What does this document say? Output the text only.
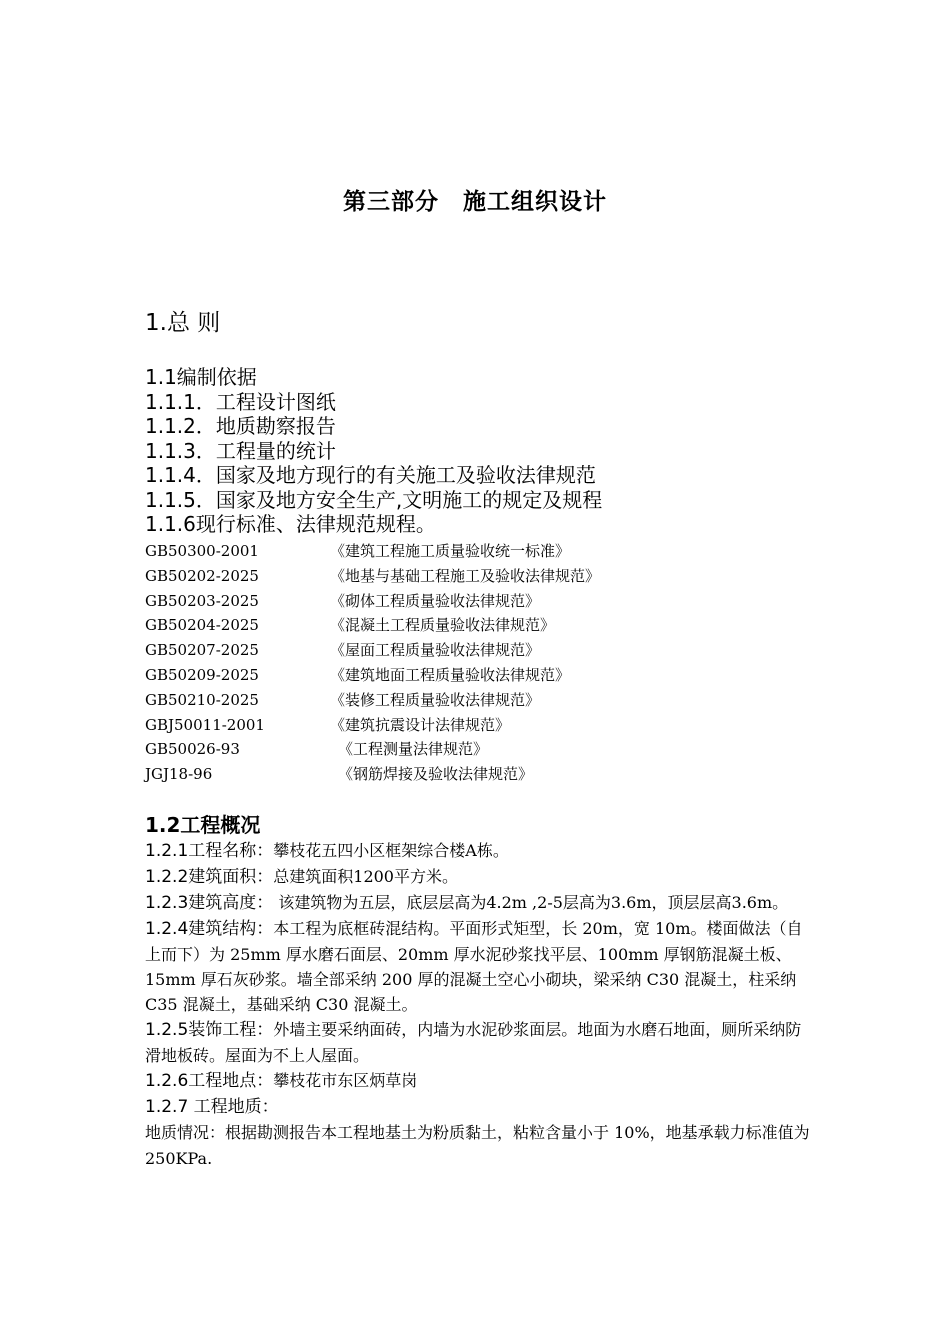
第三部分　施工组织设计
1.总 则
1.1编制依据
1.1.1．工程设计图纸
1.1.2．地质勘察报告
1.1.3．工程量的统计
1.1.4．国家及地方现行的有关施工及验收法律规范
1.1.5．国家及地方安全生产,文明施工的规定及规程
1.1.6现行标准、法律规范规程。
GB50300-2001	《建筑工程施工质量验收统一标准》
GB50202-2025	《地基与基础工程施工及验收法律规范》
GB50203-2025	《砌体工程质量验收法律规范》
GB50204-2025	《混凝土工程质量验收法律规范》
GB50207-2025	《屋面工程质量验收法律规范》
GB50209-2025	《建筑地面工程质量验收法律规范》
GB50210-2025	《装修工程质量验收法律规范》
GBJ50011-2001	《建筑抗震设计法律规范》
GB50026-93	《工程测量法律规范》
JGJ18-96	《钢筋焊接及验收法律规范》
1.2工程概况
1.2.1工程名称：攀枝花五四小区框架综合楼A栋。
1.2.2建筑面积：总建筑面积1200平方米。
1.2.3建筑高度： 该建筑物为五层，底层层高为4.2m ,2-5层高为3.6m，顶层层高3.6m。
1.2.4建筑结构：本工程为底框砖混结构。平面形式矩型，长 20m，宽 10m。楼面做法（自上而下）为 25mm 厚水磨石面层、20mm 厚水泥砂浆找平层、100mm 厚钢筋混凝土板、15mm 厚石灰砂浆。墙全部采纳 200 厚的混凝土空心小砌块，梁采纳 C30 混凝土，柱采纳 C35 混凝土，基础采纳 C30 混凝土。
1.2.5装饰工程：外墙主要采纳面砖，内墙为水泥砂浆面层。地面为水磨石地面，厕所采纳防滑地板砖。屋面为不上人屋面。
1.2.6工程地点：攀枝花市东区炳草岗
1.2.7 工程地质：
地质情况：根据勘测报告本工程地基土为粉质黏土，粘粒含量小于 10%，地基承载力标准值为250KPa.
